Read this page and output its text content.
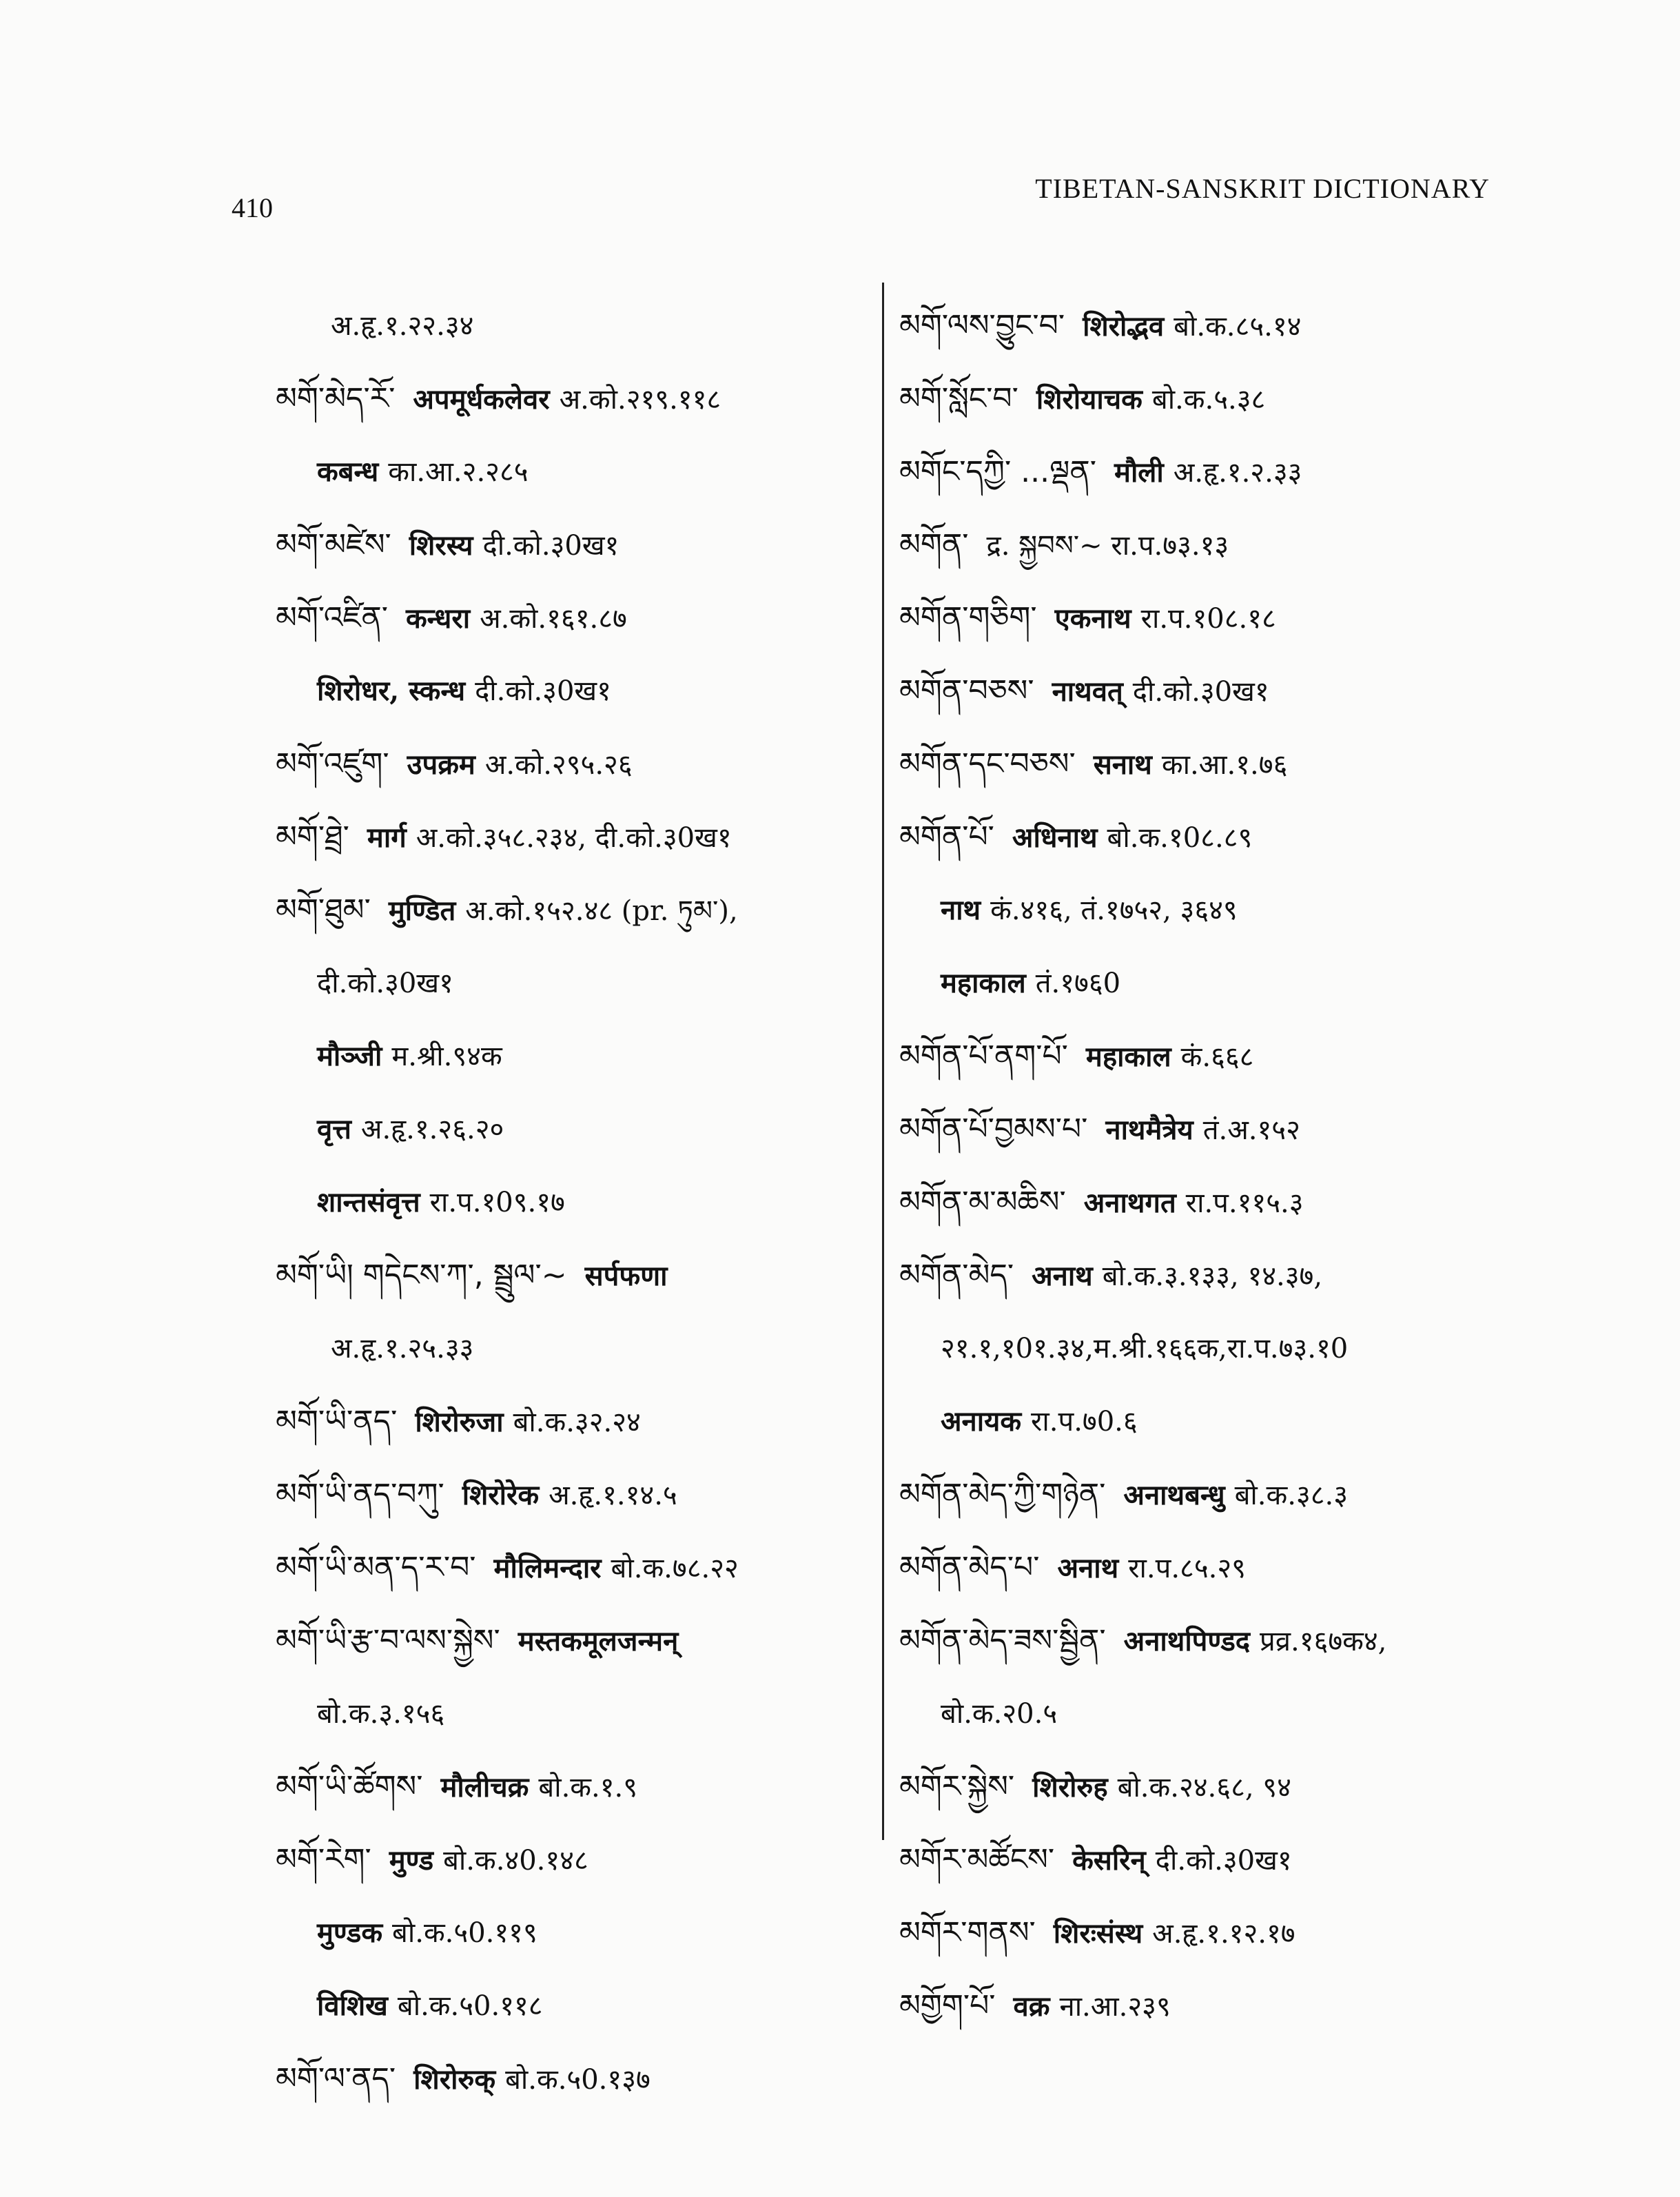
410
TIBETAN-SANSKRIT DICTIONARY
अ.हृ.१.२२.३४
མགོ་མེད་རོ་ अपमूर्धकलेवर अ.को.२१९.११८
कबन्ध का.आ.२.२८५
མགོ་མཛེས་ शिरस्य दी.को.३0ख१
མགོ་འཛིན་ कन्धरा अ.को.१६१.८७
शिरोधर, स्कन्ध दी.को.३0ख१
མགོ་འཛུག་ उपक्रम अ.को.२९५.२६
མགོ་ཐྲེ་ मार्ग अ.को.३५८.२३४, दी.को.३0ख१
མགོ་ཐུམ་ मुण्डित अ.को.१५२.४८ (pr. ཏུམ་),
दी.को.३0ख१
मौञ्जी म.श्री.९४क
वृत्त अ.हृ.१.२६.२०
शान्तसंवृत्त रा.प.१0९.१७
མགོ་ཡི། གདེངས་ཀ་, སྦྲུལ་~ सर्पफणा
अ.हृ.१.२५.३३
མགོ་ཡི་ནད་ शिरोरुजा बो.क.३२.२४
མགོ་ཡི་ནད་བཀུ་ शिरोरेक अ.हृ.१.१४.५
མགོ་ཡི་མན་ད་ར་བ་ मौलिमन्दार बो.क.७८.२२
མགོ་ཡི་རྩ་བ་ལས་སྐྱེས་ मस्तकमूलजन्मन्
बो.क.३.१५६
མགོ་ཡི་ཚོགས་ मौलीचक्र बो.क.१.९
མགོ་རེག་ मुण्ड बो.क.४0.१४८
मुण्डक बो.क.५0.११९
विशिख बो.क.५0.११८
མགོ་ལ་ནད་ शिरोरुक् बो.क.५0.१३७
མགོ་ལས་བྱུང་བ་ शिरोद्भव बो.क.८५.१४
མགོ་སློང་བ་ शिरोयाचक बो.क.५.३८
མགོང་དཀྱི་ ...ལྡན་ मौली अ.हृ.१.२.३३
མགོན་ द्र. སྐྱབས་~ रा.प.७३.१३
མགོན་གཅིག་ एकनाथ रा.प.१0८.१८
མགོན་བཅས་ नाथवत् दी.को.३0ख१
མགོན་དང་བཅས་ सनाथ का.आ.१.७६
མགོན་པོ་ अधिनाथ बो.क.१0८.८९
नाथ कं.४१६, तं.१७५२, ३६४९
महाकाल तं.१७६0
མགོན་པོ་ནག་པོ་ महाकाल कं.६६८
མགོན་པོ་བྱམས་པ་ नाथमैत्रेय तं.अ.१५२
མགོན་མ་མཆིས་ अनाथगत रा.प.११५.३
མགོན་མེད་ अनाथ बो.क.३.१३३, १४.३७,
२१.१,१0१.३४,म.श्री.१६६क,रा.प.७३.१0
अनायक रा.प.७0.६
མགོན་མེད་ཀྱི་གཉེན་ अनाथबन्धु बो.क.३८.३
མགོན་མེད་པ་ अनाथ रा.प.८५.२९
མགོན་མེད་ཟས་སྦྱིན་ अनाथपिण्डद प्रव्र.१६७क४,
बो.क.२0.५
མགོར་སྐྱེས་ शिरोरुह बो.क.२४.६८, ९४
མགོར་མཚོངས་ केसरिन् दी.को.३0ख१
མགོར་གནས་ शिरःसंस्थ अ.हृ.१.१२.१७
མགྱོག་པོ་ वक्र ना.आ.२३९
